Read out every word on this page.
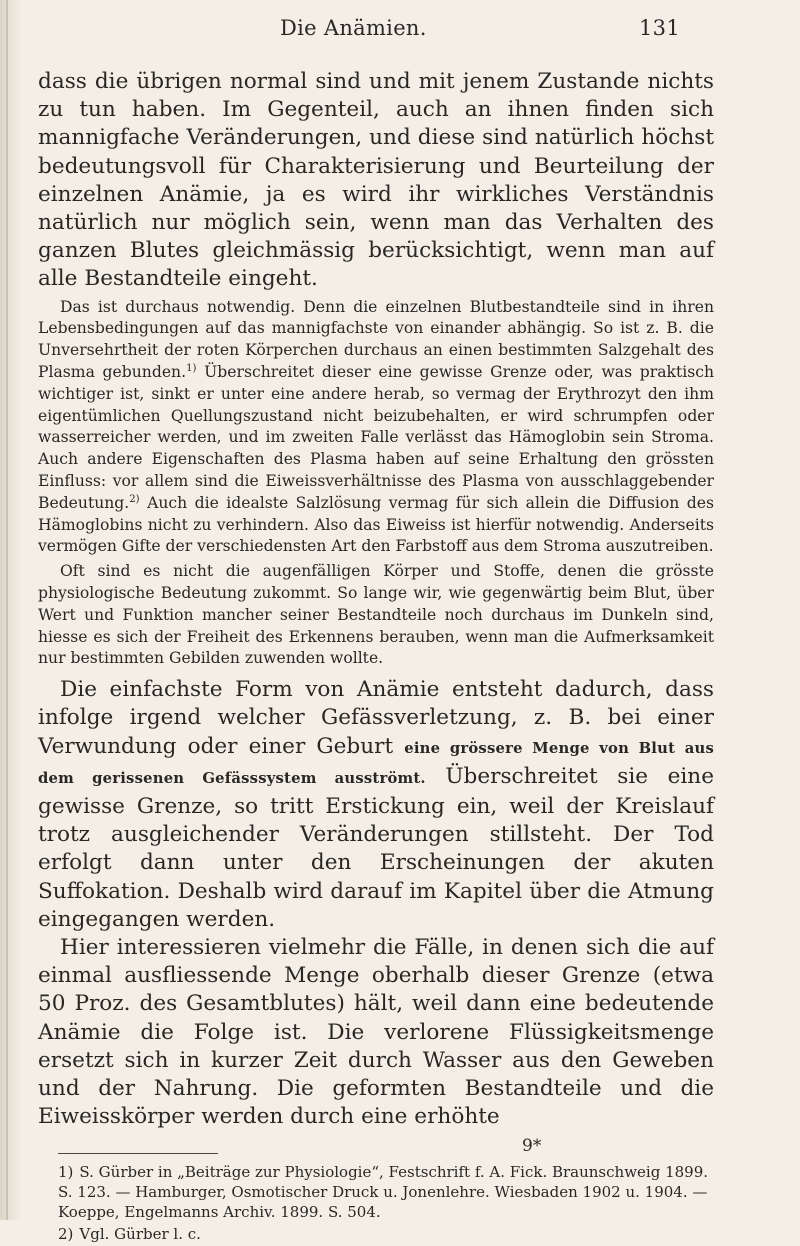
Die Anämien.	131

dass die übrigen normal sind und mit jenem Zustande nichts zu tun haben. Im Gegenteil, auch an ihnen finden sich mannigfache Veränderungen, und diese sind natürlich höchst bedeutungsvoll für Charakterisierung und Beurteilung der einzelnen Anämie, ja es wird ihr wirkliches Verständnis natürlich nur möglich sein, wenn man das Verhalten des ganzen Blutes gleichmässig berücksichtigt, wenn man auf alle Bestandteile eingeht.

Das ist durchaus notwendig. Denn die einzelnen Blutbestandteile sind in ihren Lebensbedingungen auf das mannigfachste von einander abhängig. So ist z. B. die Unversehrtheit der roten Körperchen durchaus an einen bestimmten Salzgehalt des Plasma gebunden.$^{1)}$ Überschreitet dieser eine gewisse Grenze oder, was praktisch wichtiger ist, sinkt er unter eine andere herab, so vermag der Erythrozyt den ihm eigentümlichen Quellungszustand nicht beizubehalten, er wird schrumpfen oder wasserreicher werden, und im zweiten Falle verlässt das Hämoglobin sein Stroma. Auch andere Eigenschaften des Plasma haben auf seine Erhaltung den grössten Einfluss: vor allem sind die Eiweissverhältnisse des Plasma von ausschlaggebender Bedeutung.$^{2)}$ Auch die idealste Salzlösung vermag für sich allein die Diffusion des Hämoglobins nicht zu verhindern. Also das Eiweiss ist hierfür notwendig. Anderseits vermögen Gifte der verschiedensten Art den Farbstoff aus dem Stroma auszutreiben.

Oft sind es nicht die augenfälligen Körper und Stoffe, denen die grösste physiologische Bedeutung zukommt. So lange wir, wie gegenwärtig beim Blut, über Wert und Funktion mancher seiner Bestandteile noch durchaus im Dunkeln sind, hiesse es sich der Freiheit des Erkennens berauben, wenn man die Aufmerksamkeit nur bestimmten Gebilden zuwenden wollte.

Die einfachste Form von Anämie entsteht dadurch, dass infolge irgend welcher Gefässverletzung, z. B. bei einer Verwundung oder einer Geburt eine grössere Menge von Blut aus dem gerissenen Gefässsystem ausströmt. Überschreitet sie eine gewisse Grenze, so tritt Erstickung ein, weil der Kreislauf trotz ausgleichender Veränderungen stillsteht. Der Tod erfolgt dann unter den Erscheinungen der akuten Suffokation. Deshalb wird darauf im Kapitel über die Atmung eingegangen werden.

Hier interessieren vielmehr die Fälle, in denen sich die auf einmal ausfliessende Menge oberhalb dieser Grenze (etwa 50 Proz. des Gesamtblutes) hält, weil dann eine bedeutende Anämie die Folge ist. Die verlorene Flüssigkeitsmenge ersetzt sich in kurzer Zeit durch Wasser aus den Geweben und der Nahrung. Die geformten Bestandteile und die Eiweisskörper werden durch eine erhöhte

1) S. Gürber in „Beiträge zur Physiologie“, Festschrift f. A. Fick. Braunschweig 1899. S. 123. — Hamburger, Osmotischer Druck u. Jonenlehre. Wiesbaden 1902 u. 1904. — Koeppe, Engelmanns Archiv. 1899. S. 504.

2) Vgl. Gürber l. c.

9*
